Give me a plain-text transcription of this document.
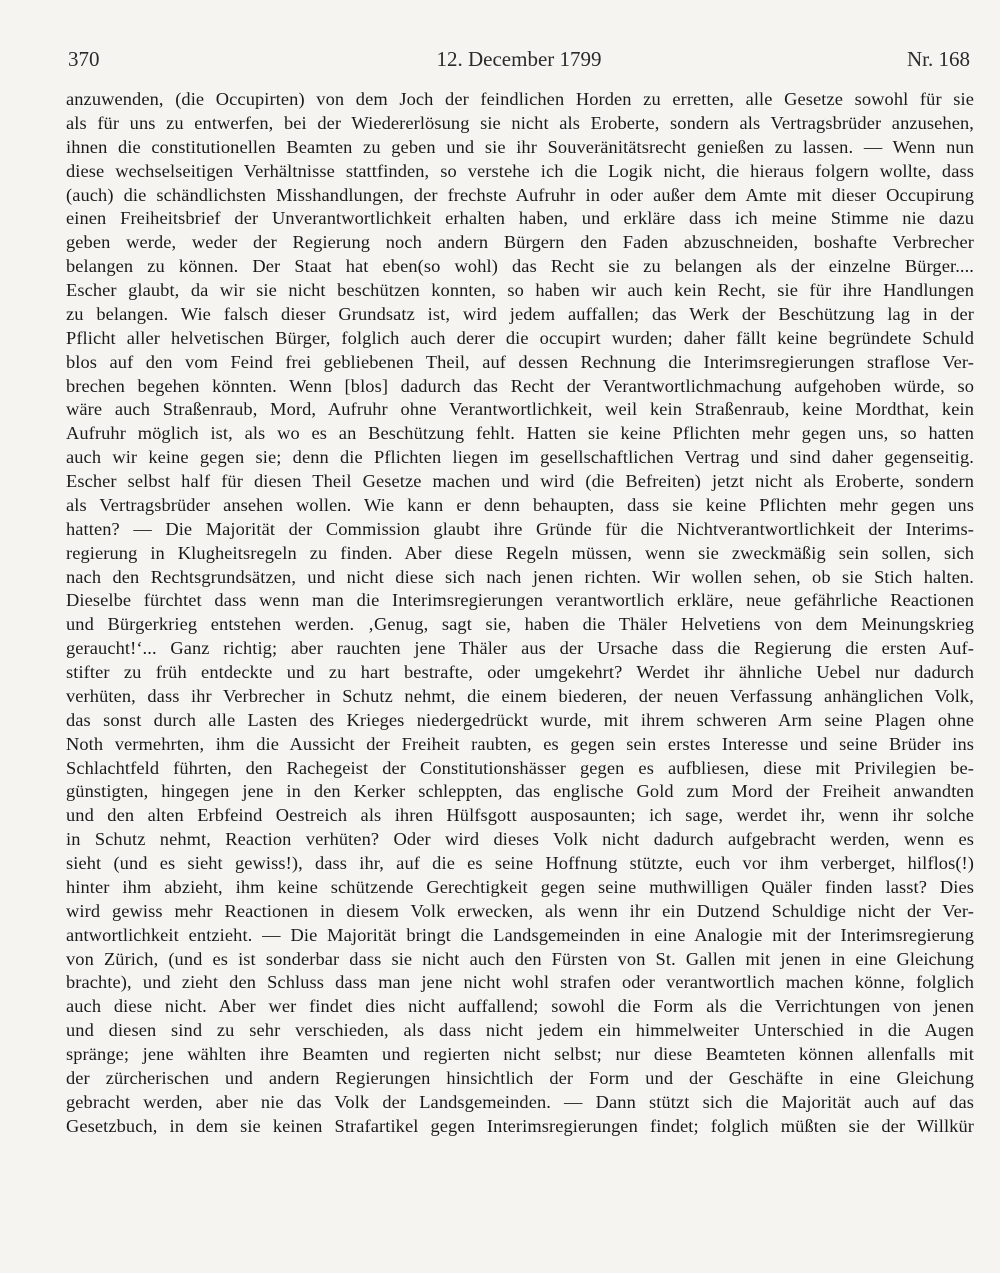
370	12. December 1799	Nr. 168
anzuwenden, (die Occupirten) von dem Joch der feindlichen Horden zu erretten, alle Gesetze sowohl für sie
als für uns zu entwerfen, bei der Wiedererlösung sie nicht als Eroberte, sondern als Vertragsbrüder anzusehen,
ihnen die constitutionellen Beamten zu geben und sie ihr Souveränitätsrecht genießen zu lassen. — Wenn nun
diese wechselseitigen Verhältnisse stattfinden, so verstehe ich die Logik nicht, die hieraus folgern wollte, dass
(auch) die schändlichsten Misshandlungen, der frechste Aufruhr in oder außer dem Amte mit dieser Occupirung
einen Freiheitsbrief der Unverantwortlichkeit erhalten haben, und erkläre dass ich meine Stimme nie dazu
geben werde, weder der Regierung noch andern Bürgern den Faden abzuschneiden, boshafte Verbrecher
belangen zu können. Der Staat hat eben(so wohl) das Recht sie zu belangen als der einzelne Bürger....
Escher glaubt, da wir sie nicht beschützen konnten, so haben wir auch kein Recht, sie für ihre Handlungen
zu belangen. Wie falsch dieser Grundsatz ist, wird jedem auffallen; das Werk der Beschützung lag in der
Pflicht aller helvetischen Bürger, folglich auch derer die occupirt wurden; daher fällt keine begründete Schuld
blos auf den vom Feind frei gebliebenen Theil, auf dessen Rechnung die Interimsregierungen straflose Ver-
brechen begehen könnten. Wenn [blos] dadurch das Recht der Verantwortlichmachung aufgehoben würde, so
wäre auch Straßenraub, Mord, Aufruhr ohne Verantwortlichkeit, weil kein Straßenraub, keine Mordthat, kein
Aufruhr möglich ist, als wo es an Beschützung fehlt. Hatten sie keine Pflichten mehr gegen uns, so hatten
auch wir keine gegen sie; denn die Pflichten liegen im gesellschaftlichen Vertrag und sind daher gegenseitig.
Escher selbst half für diesen Theil Gesetze machen und wird (die Befreiten) jetzt nicht als Eroberte, sondern
als Vertragsbrüder ansehen wollen. Wie kann er denn behaupten, dass sie keine Pflichten mehr gegen uns
hatten? — Die Majorität der Commission glaubt ihre Gründe für die Nichtverantwortlichkeit der Interims-
regierung in Klugheitsregeln zu finden. Aber diese Regeln müssen, wenn sie zweckmäßig sein sollen, sich
nach den Rechtsgrundsätzen, und nicht diese sich nach jenen richten. Wir wollen sehen, ob sie Stich halten.
Dieselbe fürchtet dass wenn man die Interimsregierungen verantwortlich erkläre, neue gefährliche Reactionen
und Bürgerkrieg entstehen werden. ‚Genug, sagt sie, haben die Thäler Helvetiens von dem Meinungskrieg
geraucht!‘... Ganz richtig; aber rauchten jene Thäler aus der Ursache dass die Regierung die ersten Auf-
stifter zu früh entdeckte und zu hart bestrafte, oder umgekehrt? Werdet ihr ähnliche Uebel nur dadurch
verhüten, dass ihr Verbrecher in Schutz nehmt, die einem biederen, der neuen Verfassung anhänglichen Volk,
das sonst durch alle Lasten des Krieges niedergedrückt wurde, mit ihrem schweren Arm seine Plagen ohne
Noth vermehrten, ihm die Aussicht der Freiheit raubten, es gegen sein erstes Interesse und seine Brüder ins
Schlachtfeld führten, den Rachegeist der Constitutionshässer gegen es aufbliesen, diese mit Privilegien be-
günstigten, hingegen jene in den Kerker schleppten, das englische Gold zum Mord der Freiheit anwandten
und den alten Erbfeind Oestreich als ihren Hülfsgott ausposaunten; ich sage, werdet ihr, wenn ihr solche
in Schutz nehmt, Reaction verhüten? Oder wird dieses Volk nicht dadurch aufgebracht werden, wenn es
sieht (und es sieht gewiss!), dass ihr, auf die es seine Hoffnung stützte, euch vor ihm verberget, hilflos(!)
hinter ihm abzieht, ihm keine schützende Gerechtigkeit gegen seine muthwilligen Quäler finden lasst? Dies
wird gewiss mehr Reactionen in diesem Volk erwecken, als wenn ihr ein Dutzend Schuldige nicht der Ver-
antwortlichkeit entzieht. — Die Majorität bringt die Landsgemeinden in eine Analogie mit der Interimsregierung
von Zürich, (und es ist sonderbar dass sie nicht auch den Fürsten von St. Gallen mit jenen in eine Gleichung
brachte), und zieht den Schluss dass man jene nicht wohl strafen oder verantwortlich machen könne, folglich
auch diese nicht. Aber wer findet dies nicht auffallend; sowohl die Form als die Verrichtungen von jenen
und diesen sind zu sehr verschieden, als dass nicht jedem ein himmelweiter Unterschied in die Augen
spränge; jene wählten ihre Beamten und regierten nicht selbst; nur diese Beamteten können allenfalls mit
der zürcherischen und andern Regierungen hinsichtlich der Form und der Geschäfte in eine Gleichung
gebracht werden, aber nie das Volk der Landsgemeinden. — Dann stützt sich die Majorität auch auf das
Gesetzbuch, in dem sie keinen Strafartikel gegen Interimsregierungen findet; folglich müßten sie der Willkür
